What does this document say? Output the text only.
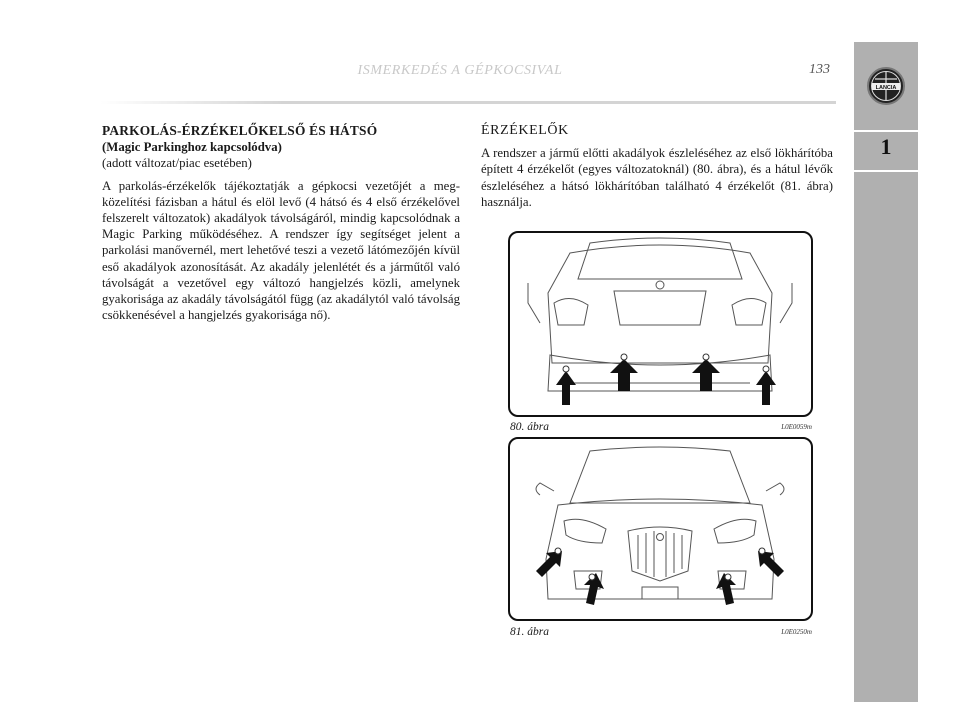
ISMERKEDÉS A GÉPKOCSIVAL	133
LANCIA
1
PARKOLÁS-ÉRZÉKELŐKELSŐ ÉS HÁTSÓ
(Magic Parkinghoz kapcsolódva)
(adott változat/piac esetében)
A parkolás-érzékelők tájékoztatják a gépkocsi vezetőjét a megközelítési fázisban a hátul és elöl levő (4 hátsó és 4 első érzékelővel felszerelt változatok) akadályok távolságáról, mindig kapcsolódnak a Magic Parking működéséhez. A rendszer így segítséget jelent a parkolási manővernél, mert lehetővé teszi a vezető látómezőjén kívül eső akadályok azonosítását. Az akadály jelenlétét és a járműtől való távolságát a vezetővel egy változó hangjelzés közli, amelynek gyakorisága az akadály távolságától függ (az akadálytól való távolság csökkenésével a hangjelzés gyakorisága nő).
ÉRZÉKELŐK
A rendszer a jármű előtti akadályok észleléséhez az első lökhárítóba épített 4 érzékelőt (egyes változatoknál) (80. ábra), és a hátul lévők észleléséhez a hátsó lökhárítóban található 4 érzékelőt (81. ábra) használja.
80. ábra	L0E0059m
81. ábra	L0E0250m
